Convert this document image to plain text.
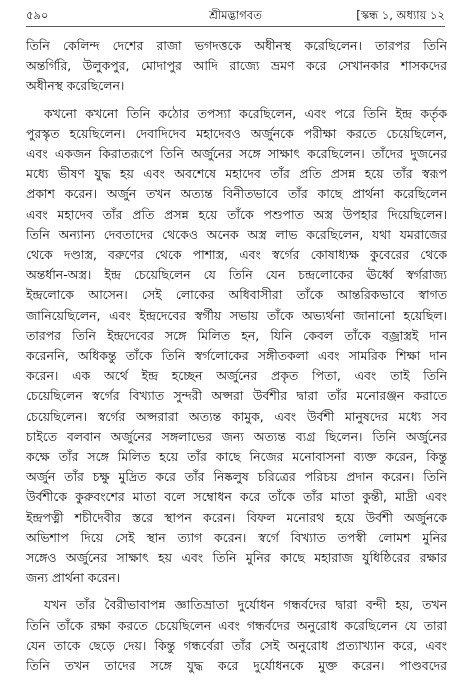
৫৯০	শ্রীমদ্ভাগবত	[স্কন্ধ ১, অধ্যায় ১২
তিনি কেলিন্দ দেশের রাজা ভগদত্তকে অধীনস্থ করেছিলেন। তারপর তিনি
অন্তর্গিরি, উলুকপুর, মোদাপুর আদি রাজ্যে ভ্রমণ করে সেখানকার শাসকদের
অধীনস্থ করেছিলেন।
কখনো কখনো তিনি কঠোর তপস্যা করেছিলেন, এবং পরে তিনি ইন্দ্র কর্তৃক
পুরস্কৃত হয়েছিলেন। দেবাদিদেব মহাদেবও অর্জুনকে পরীক্ষা করতে চেয়েছিলেন,
এবং একজন কিরাতরূপে তিনি অর্জুনের সঙ্গে সাক্ষাৎ করেছিলেন। তাঁদের দুজনের
মধ্যে ভীষণ যুদ্ধ হয় এবং অবশেষে মহাদেব তাঁর প্রতি প্রসন্ন হয়ে তাঁর স্বরূপ
প্রকাশ করেন। অর্জুন তখন অত্যন্ত বিনীতভাবে তাঁর কাছে প্রার্থনা করেছিলেন
এবং মহাদেব তাঁর প্রতি প্রসন্ন হয়ে তাঁকে পশুপাত অস্ত্র উপহার দিয়েছিলেন।
তিনি অন্যান্য দেবতাদের থেকেও অনেক অস্ত্র লাভ করেছিলেন, যথা যমরাজের
থেকে দণ্ডাস্ত্র, বরুণের থেকে পাশাস্ত্র, এবং স্বর্গের কোষাধ্যক্ষ কুবেরের থেকে
অন্তর্ধান-অস্ত্র। ইন্দ্র চেয়েছিলেন যে তিনি যেন চন্দ্রলোকের ঊর্ধ্বে স্বর্গরাজ্য
ইন্দ্রলোকে আসেন। সেই লোকের অধিবাসীরা তাঁকে আন্তরিকভাবে স্বাগত
জানিয়েছিলেন, এবং ইন্দ্রদেবের স্বর্গীয় সভায় তাঁকে অভ্যর্থনা জানানো হয়েছিল।
তারপর তিনি ইন্দ্রদেবের সঙ্গে মিলিত হন, যিনি কেবল তাঁকে বজ্রাস্ত্রই দান
করেননি, অধিকন্তু তাঁকে তিনি স্বর্গলোকের সঙ্গীতকলা এবং সামরিক শিক্ষা দান
করেন। এক অর্থে ইন্দ্র হচ্ছেন অর্জুনের প্রকৃত পিতা, এবং তাই তিনি
চেয়েছিলেন স্বর্গের বিখ্যাত সুন্দরী অপ্সরা উর্বশীর দ্বারা তাঁর মনোরঞ্জন করাতে
চেয়েছিলেন। স্বর্গের অপ্সরারা অত্যন্ত কামুক, এবং উর্বশী মানুষদের মধ্যে সব
চাইতে বলবান অর্জুনের সঙ্গলাভের জন্য অত্যন্ত ব্যগ্র ছিলেন। তিনি অর্জুনের
কক্ষে তাঁর সঙ্গে মিলিত হয়ে তাঁর কাছে নিজের মনোবাসনা ব্যক্ত করেন, কিন্তু
অর্জুন তাঁর চক্ষু মুদ্রিত করে তাঁর নিষ্কলুষ চরিত্রের পরিচয় প্রদান করেন। তিনি
উর্বশীকে কুরুবংশের মাতা বলে সম্বোধন করে তাঁকে তাঁর মাতা কুন্তী, মাদ্রী এবং
ইন্দ্রপত্নী শচীদেবীর স্তরে স্থাপন করেন। বিফল মনোরথ হয়ে উর্বশী অর্জুনকে
অভিশাপ দিয়ে সেই স্থান ত্যাগ করেন। স্বর্গে বিখ্যাত তপস্বী লোমশ মুনির
সঙ্গেও অর্জুনের সাক্ষাৎ হয় এবং তিনি মুনির কাছে মহারাজ যুধিষ্ঠিরের রক্ষার
জন্য প্রার্থনা করেন।
যখন তাঁর বৈরীভাবাপন্ন জ্ঞাতিভ্রাতা দুর্যোধন গন্ধর্বদের দ্বারা বন্দী হয়, তখন
তিনি তাঁকে রক্ষা করতে চেয়েছিলেন এবং গন্ধর্বদের অনুরোধ করেছিলেন যে তারা
যেন তাকে ছেড়ে দেয়। কিন্তু গন্ধর্বেরা তাঁর সেই অনুরোধ প্রত্যাখ্যান করে, এবং
তিনি তখন তাদের সঙ্গে যুদ্ধ করে দুর্যোধনকে মুক্ত করেন। পাণ্ডবদের
